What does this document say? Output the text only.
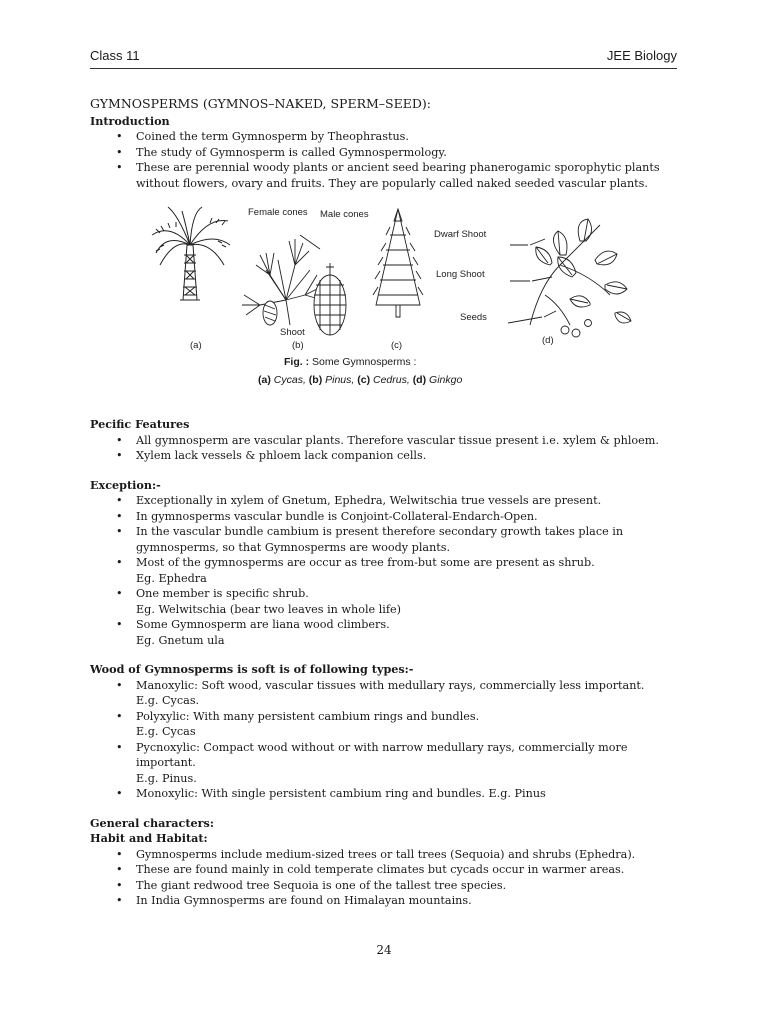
Class 11	JEE Biology
GYMNOSPERMS (GYMNOS–NAKED, SPERM–SEED):
Introduction
• Coined the term Gymnosperm by Theophrastus.
• The study of Gymnosperm is called Gymnospermology.
• These are perennial woody plants or ancient seed bearing phanerogamic sporophytic plants without flowers, ovary and fruits. They are popularly called naked seeded vascular plants.
Female cones Male cones
Shoot
Dwarf Shoot
Long Shoot
Seeds
(a)	(b)	(c)	(d)
Fig. : Some Gymnosperms :
(a) Cycas, (b) Pinus, (c) Cedrus, (d) Ginkgo
Pecific Features
• All gymnosperm are vascular plants. Therefore vascular tissue present i.e. xylem & phloem.
• Xylem lack vessels & phloem lack companion cells.
Exception:-
• Exceptionally in xylem of Gnetum, Ephedra, Welwitschia true vessels are present.
• In gymnosperms vascular bundle is Conjoint-Collateral-Endarch-Open.
• In the vascular bundle cambium is present therefore secondary growth takes place in gymnosperms, so that Gymnosperms are woody plants.
• Most of the gymnosperms are occur as tree from-but some are present as shrub.
Eg. Ephedra
• One member is specific shrub.
Eg. Welwitschia (bear two leaves in whole life)
• Some Gymnosperm are liana wood climbers.
Eg. Gnetum ula
Wood of Gymnosperms is soft is of following types:-
• Manoxylic: Soft wood, vascular tissues with medullary rays, commercially less important.
E.g. Cycas.
• Polyxylic: With many persistent cambium rings and bundles.
E.g. Cycas
• Pycnoxylic: Compact wood without or with narrow medullary rays, commercially more important.
E.g. Pinus.
• Monoxylic: With single persistent cambium ring and bundles. E.g. Pinus
General characters:
Habit and Habitat:
• Gymnosperms include medium-sized trees or tall trees (Sequoia) and shrubs (Ephedra).
• These are found mainly in cold temperate climates but cycads occur in warmer areas.
• The giant redwood tree Sequoia is one of the tallest tree species.
• In India Gymnosperms are found on Himalayan mountains.
24
